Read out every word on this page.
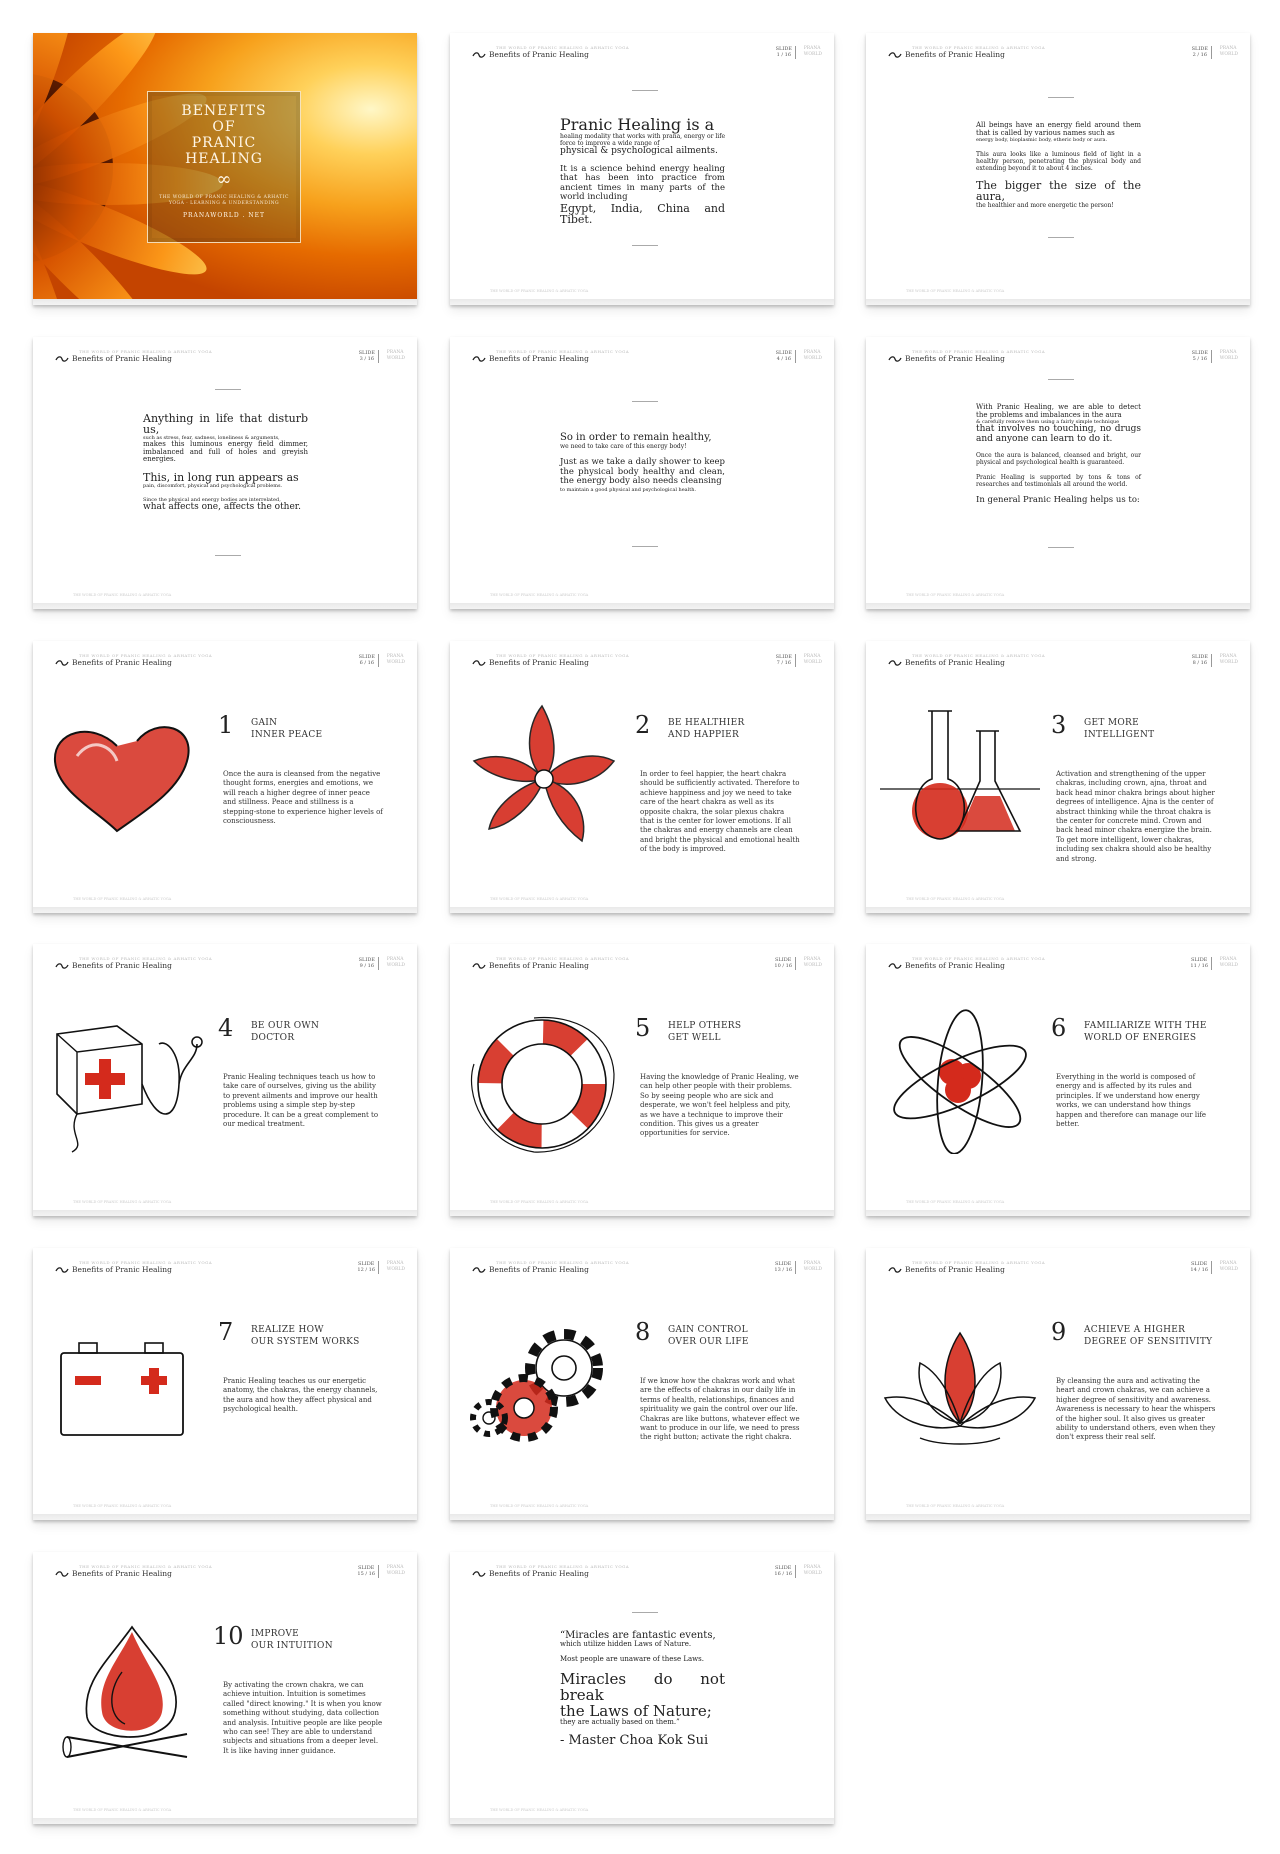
BENEFITS
OF
PRANIC
HEALING
∞
THE WORLD OF PRANIC HEALING & ARHATIC YOGA · LEARNING & UNDERSTANDING
PRANAWORLD . NET
THE WORLD OF PRANIC HEALING & ARHATIC YOGA
Benefits of Pranic Healing
SLIDE
1 / 16
PRANA
WORLD
Pranic Healing is a
healing modality that works with prana, energy or life force to improve a wide range of
physical & psychological ailments.
It is a science behind energy healing that has been into practice from ancient times in many parts of the world including
Egypt, India, China and Tibet.
THE WORLD OF PRANIC HEALING & ARHATIC YOGA
THE WORLD OF PRANIC HEALING & ARHATIC YOGA
Benefits of Pranic Healing
SLIDE
2 / 16
PRANA
WORLD
All beings have an energy field around them that is called by various names such as
energy body, bioplasmic body, etheric body or aura.
This aura looks like a luminous field of light in a healthy person, penetrating the physical body and extending beyond it to about 4 inches.
The bigger the size of the aura,
the healthier and more energetic the person!
THE WORLD OF PRANIC HEALING & ARHATIC YOGA
THE WORLD OF PRANIC HEALING & ARHATIC YOGA
Benefits of Pranic Healing
SLIDE
3 / 16
PRANA
WORLD
Anything in life that disturb us,
such as stress, fear, sadness, loneliness & arguments,
makes this luminous energy field dimmer, imbalanced and full of holes and greyish energies.
This, in long run appears as
pain, discomfort, physical and psychological problems.
Since the physical and energy bodies are interrelated,
what affects one, affects the other.
THE WORLD OF PRANIC HEALING & ARHATIC YOGA
THE WORLD OF PRANIC HEALING & ARHATIC YOGA
Benefits of Pranic Healing
SLIDE
4 / 16
PRANA
WORLD
So in order to remain healthy,
we need to take care of this energy body!
Just as we take a daily shower to keep the physical body healthy and clean, the energy body also needs cleansing
to maintain a good physical and psychological health.
THE WORLD OF PRANIC HEALING & ARHATIC YOGA
THE WORLD OF PRANIC HEALING & ARHATIC YOGA
Benefits of Pranic Healing
SLIDE
5 / 16
PRANA
WORLD
With Pranic Healing, we are able to detect the problems and imbalances in the aura
& carefully remove them using a fairly simple technique
that involves no touching, no drugs and anyone can learn to do it.
Once the aura is balanced, cleansed and bright, our physical and psychological health is guaranteed.
Pranic Healing is supported by tons & tons of researches and testimonials all around the world.
In general Pranic Healing helps us to:
THE WORLD OF PRANIC HEALING & ARHATIC YOGA
THE WORLD OF PRANIC HEALING & ARHATIC YOGA
Benefits of Pranic Healing
SLIDE
6 / 16
PRANA
WORLD
1 GAIN
INNER PEACE
Once the aura is cleansed from the negative thought forms, energies and emotions, we will reach a higher degree of inner peace and stillness. Peace and stillness is a stepping-stone to experience higher levels of consciousness.
THE WORLD OF PRANIC HEALING & ARHATIC YOGA
THE WORLD OF PRANIC HEALING & ARHATIC YOGA
Benefits of Pranic Healing
SLIDE
7 / 16
PRANA
WORLD
2 BE HEALTHIER
AND HAPPIER
In order to feel happier, the heart chakra should be sufficiently activated. Therefore to achieve happiness and joy we need to take care of the heart chakra as well as its opposite chakra, the solar plexus chakra that is the center for lower emotions. If all the chakras and energy channels are clean and bright the physical and emotional health of the body is improved.
THE WORLD OF PRANIC HEALING & ARHATIC YOGA
THE WORLD OF PRANIC HEALING & ARHATIC YOGA
Benefits of Pranic Healing
SLIDE
8 / 16
PRANA
WORLD
3 GET MORE
INTELLIGENT
Activation and strengthening of the upper chakras, including crown, ajna, throat and back head minor chakra brings about higher degrees of intelligence. Ajna is the center of abstract thinking while the throat chakra is the center for concrete mind. Crown and back head minor chakra energize the brain. To get more intelligent, lower chakras, including sex chakra should also be healthy and strong.
THE WORLD OF PRANIC HEALING & ARHATIC YOGA
THE WORLD OF PRANIC HEALING & ARHATIC YOGA
Benefits of Pranic Healing
SLIDE
9 / 16
PRANA
WORLD
4 BE OUR OWN
DOCTOR
Pranic Healing techniques teach us how to take care of ourselves, giving us the ability to prevent ailments and improve our health problems using a simple step by-step procedure. It can be a great complement to our medical treatment.
THE WORLD OF PRANIC HEALING & ARHATIC YOGA
THE WORLD OF PRANIC HEALING & ARHATIC YOGA
Benefits of Pranic Healing
SLIDE
10 / 16
PRANA
WORLD
5 HELP OTHERS
GET WELL
Having the knowledge of Pranic Healing, we can help other people with their problems. So by seeing people who are sick and desperate, we won't feel helpless and pity, as we have a technique to improve their condition. This gives us a greater opportunities for service.
THE WORLD OF PRANIC HEALING & ARHATIC YOGA
THE WORLD OF PRANIC HEALING & ARHATIC YOGA
Benefits of Pranic Healing
SLIDE
11 / 16
PRANA
WORLD
6 FAMILIARIZE WITH THE
WORLD OF ENERGIES
Everything in the world is composed of energy and is affected by its rules and principles. If we understand how energy works, we can understand how things happen and therefore can manage our life better.
THE WORLD OF PRANIC HEALING & ARHATIC YOGA
THE WORLD OF PRANIC HEALING & ARHATIC YOGA
Benefits of Pranic Healing
SLIDE
12 / 16
PRANA
WORLD
7 REALIZE HOW
OUR SYSTEM WORKS
Pranic Healing teaches us our energetic anatomy, the chakras, the energy channels, the aura and how they affect physical and psychological health.
THE WORLD OF PRANIC HEALING & ARHATIC YOGA
THE WORLD OF PRANIC HEALING & ARHATIC YOGA
Benefits of Pranic Healing
SLIDE
13 / 16
PRANA
WORLD
8 GAIN CONTROL
OVER OUR LIFE
If we know how the chakras work and what are the effects of chakras in our daily life in terms of health, relationships, finances and spirituality we gain the control over our life. Chakras are like buttons, whatever effect we want to produce in our life, we need to press the right button; activate the right chakra.
THE WORLD OF PRANIC HEALING & ARHATIC YOGA
THE WORLD OF PRANIC HEALING & ARHATIC YOGA
Benefits of Pranic Healing
SLIDE
14 / 16
PRANA
WORLD
9 ACHIEVE A HIGHER
DEGREE OF SENSITIVITY
By cleansing the aura and activating the heart and crown chakras, we can achieve a higher degree of sensitivity and awareness. Awareness is necessary to hear the whispers of the higher soul. It also gives us greater ability to understand others, even when they don't express their real self.
THE WORLD OF PRANIC HEALING & ARHATIC YOGA
THE WORLD OF PRANIC HEALING & ARHATIC YOGA
Benefits of Pranic Healing
SLIDE
15 / 16
PRANA
WORLD
10 IMPROVE
OUR INTUITION
By activating the crown chakra, we can achieve intuition. Intuition is sometimes called "direct knowing." It is when you know something without studying, data collection and analysis. Intuitive people are like people who can see! They are able to understand subjects and situations from a deeper level. It is like having inner guidance.
THE WORLD OF PRANIC HEALING & ARHATIC YOGA
THE WORLD OF PRANIC HEALING & ARHATIC YOGA
Benefits of Pranic Healing
SLIDE
16 / 16
PRANA
WORLD
“Miracles are fantastic events,
which utilize hidden Laws of Nature.
Most people are unaware of these Laws.
Miracles do not break
the Laws of Nature;
they are actually based on them.”
- Master Choa Kok Sui
THE WORLD OF PRANIC HEALING & ARHATIC YOGA
